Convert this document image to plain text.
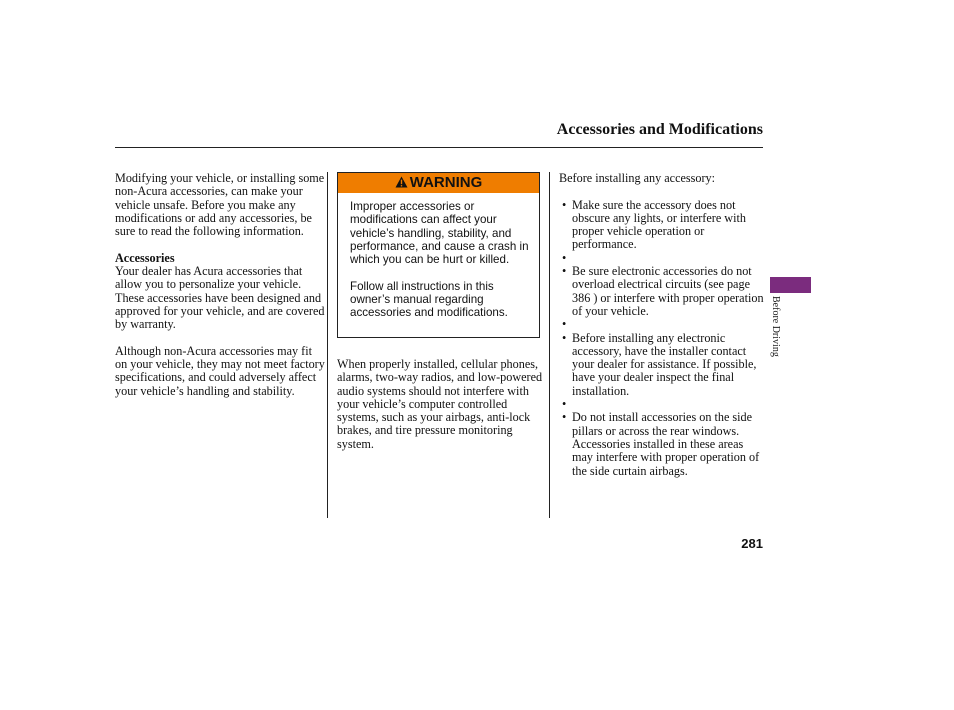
Accessories and Modifications

Modifying your vehicle, or installing some non-Acura accessories, can make your vehicle unsafe. Before you make any modifications or add any accessories, be sure to read the following information.

Accessories

Your dealer has Acura accessories that allow you to personalize your vehicle. These accessories have been designed and approved for your vehicle, and are covered by warranty.

Although non-Acura accessories may fit on your vehicle, they may not meet factory specifications, and could adversely affect your vehicle’s handling and stability.

WARNING

Improper accessories or modifications can affect your vehicle’s handling, stability, and performance, and cause a crash in which you can be hurt or killed.

Follow all instructions in this owner’s manual regarding accessories and modifications.

When properly installed, cellular phones, alarms, two-way radios, and low-powered audio systems should not interfere with your vehicle’s computer controlled systems, such as your airbags, anti-lock brakes, and tire pressure monitoring system.

Before installing any accessory:

• Make sure the accessory does not obscure any lights, or interfere with proper vehicle operation or performance.
•
• Be sure electronic accessories do not overload electrical circuits (see page 386 ) or interfere with proper operation of your vehicle.
•
• Before installing any electronic accessory, have the installer contact your dealer for assistance. If possible, have your dealer inspect the final installation.
•
• Do not install accessories on the side pillars or across the rear windows. Accessories installed in these areas may interfere with proper operation of the side curtain airbags.
Before Driving
281
